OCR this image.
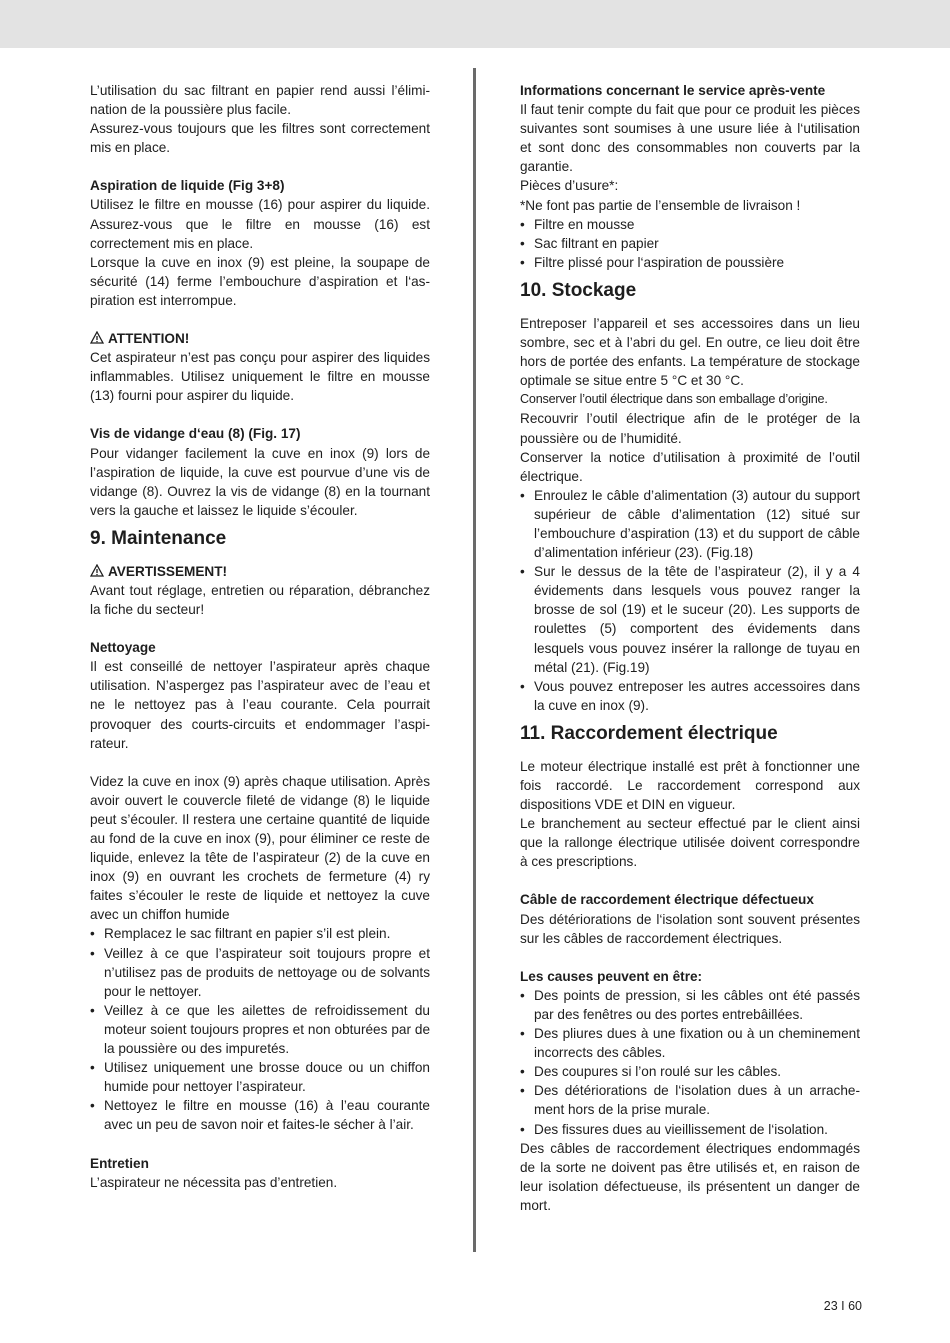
L’utilisation du sac filtrant en papier rend aussi l’élimination de la poussière plus facile.

Assurez-vous toujours que les filtres sont correctement mis en place.

Aspiration de liquide (Fig 3+8)

Utilisez le filtre en mousse (16) pour aspirer du liquide. Assurez-vous que le filtre en mousse (16) est correctement mis en place.

Lorsque la cuve en inox (9) est pleine, la soupape de sécurité (14) ferme l’embouchure d’aspiration et l‘aspiration est interrompue.

ATTENTION!

Cet aspirateur n’est pas conçu pour aspirer des liquides inflammables. Utilisez uniquement le filtre en mousse (13) fourni pour aspirer du liquide.

Vis de vidange d‘eau (8) (Fig. 17)

Pour vidanger facilement la cuve en inox (9) lors de l’aspiration de liquide, la cuve est pourvue d’une vis de vidange (8). Ouvrez la vis de vidange (8) en la tournant vers la gauche et laissez le liquide s’écouler.

9. Maintenance

AVERTISSEMENT!

Avant tout réglage, entretien ou réparation, débranchez la fiche du secteur!

Nettoyage

Il est conseillé de nettoyer l’aspirateur après chaque utilisation. N’aspergez pas l’aspirateur avec de l’eau et ne le nettoyez pas à l’eau courante. Cela pourrait provoquer des courts-circuits et endommager l’aspirateur.

Videz la cuve en inox (9) après chaque utilisation. Après avoir ouvert le couvercle fileté de vidange (8) le liquide peut s’écouler. Il restera une certaine quantité de liquide au fond de la cuve en inox (9), pour éliminer ce reste de liquide, enlevez la tête de l’aspirateur (2) de la cuve en inox (9) en ouvrant les crochets de fermeture (4) ry faites s’écouler le reste de liquide et nettoyez la cuve avec un chiffon humide

• Remplacez le sac filtrant en papier s’il est plein.
• Veillez à ce que l’aspirateur soit toujours propre et n’utilisez pas de produits de nettoyage ou de solvants pour le nettoyer.
• Veillez à ce que les ailettes de refroidissement du moteur soient toujours propres et non obturées par de la poussière ou des impuretés.
• Utilisez uniquement une brosse douce ou un chiffon humide pour nettoyer l’aspirateur.
• Nettoyez le filtre en mousse (16) à l’eau courante avec un peu de savon noir et faites-le sécher à l’air.

Entretien

L’aspirateur ne nécessita pas d’entretien.

Informations concernant le service après-vente

Il faut tenir compte du fait que pour ce produit les pièces suivantes sont soumises à une usure liée à l‘utilisation et sont donc des consommables non couverts par la garantie.

Pièces d’usure*:

*Ne font pas partie de l’ensemble de livraison !

• Filtre en mousse
• Sac filtrant en papier
• Filtre plissé pour l‘aspiration de poussière
10. Stockage

Entreposer l’appareil et ses accessoires dans un lieu sombre, sec et à l’abri du gel. En outre, ce lieu doit être hors de portée des enfants. La température de stockage optimale se situe entre 5 °C et 30 °C.

Conserver l’outil électrique dans son emballage d’origine.

Recouvrir l’outil électrique afin de le protéger de la poussière ou de l’humidité.

Conserver la notice d’utilisation à proximité de l’outil électrique.

• Enroulez le câble d’alimentation (3) autour du support supérieur de câble d’alimentation (12) situé sur l’embouchure d’aspiration (13) et du support de câble d’alimentation inférieur (23). (Fig.18)
• Sur le dessus de la tête de l’aspirateur (2), il y a 4 évidements dans lesquels vous pouvez ranger la brosse de sol (19) et le suceur (20). Les supports de roulettes (5) comportent des évidements dans lesquels vous pouvez insérer la rallonge de tuyau en métal (21). (Fig.19)
• Vous pouvez entreposer les autres accessoires dans la cuve en inox (9).
11. Raccordement électrique

Le moteur électrique installé est prêt à fonctionner une fois raccordé. Le raccordement correspond aux dispositions VDE et DIN en vigueur.

Le branchement au secteur effectué par le client ainsi que la rallonge électrique utilisée doivent correspondre à ces prescriptions.

Câble de raccordement électrique défectueux

Des détériorations de l‘isolation sont souvent présentes sur les câbles de raccordement électriques.

Les causes peuvent en être:

• Des points de pression, si les câbles ont été passés par des fenêtres ou des portes entrebâillées.
• Des pliures dues à une fixation ou à un cheminement incorrects des câbles.
• Des coupures si l’on roulé sur les câbles.
• Des détériorations de l‘isolation dues à un arrachement hors de la prise murale.
• Des fissures dues au vieillissement de l‘isolation.

Des câbles de raccordement électriques endommagés de la sorte ne doivent pas être utilisés et, en raison de leur isolation défectueuse, ils présentent un danger de mort.

23 I 60
